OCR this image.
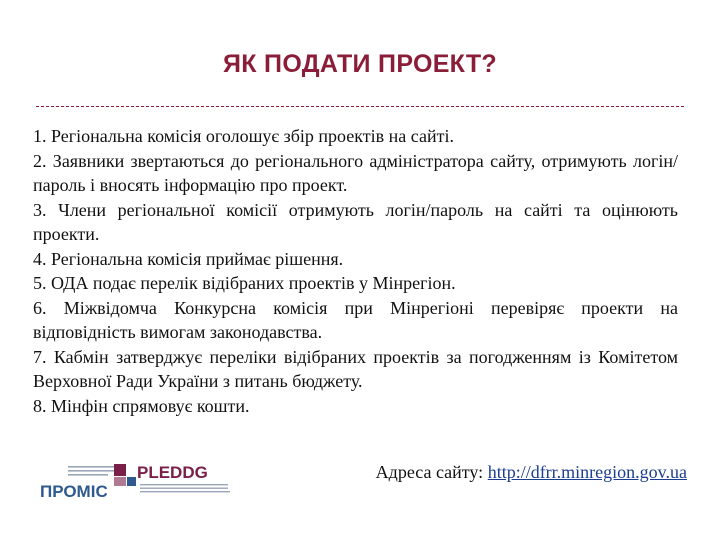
ЯК ПОДАТИ ПРОЕКТ?

1. Регіональна комісія оголошує збір проектів на сайті.

2. Заявники звертаються до регіонального адміністратора сайту, отримують логін/пароль і вносять інформацію про проект.

3. Члени регіональної комісії отримують логін/пароль на сайті та оцінюють проекти.

4. Регіональна комісія приймає рішення.

5. ОДА подає перелік відібраних проектів у Мінрегіон.

6. Міжвідомча Конкурсна комісія при Мінрегіоні перевіряє проекти на відповідність вимогам законодавства.

7. Кабмін затверджує переліки відібраних проектів за погодженням із Комітетом Верховної Ради України з питань бюджету.

8. Мінфін спрямовує кошти.

PLEDDG
ПРОМІС
Адреса сайту: http://dfrr.minregion.gov.ua
